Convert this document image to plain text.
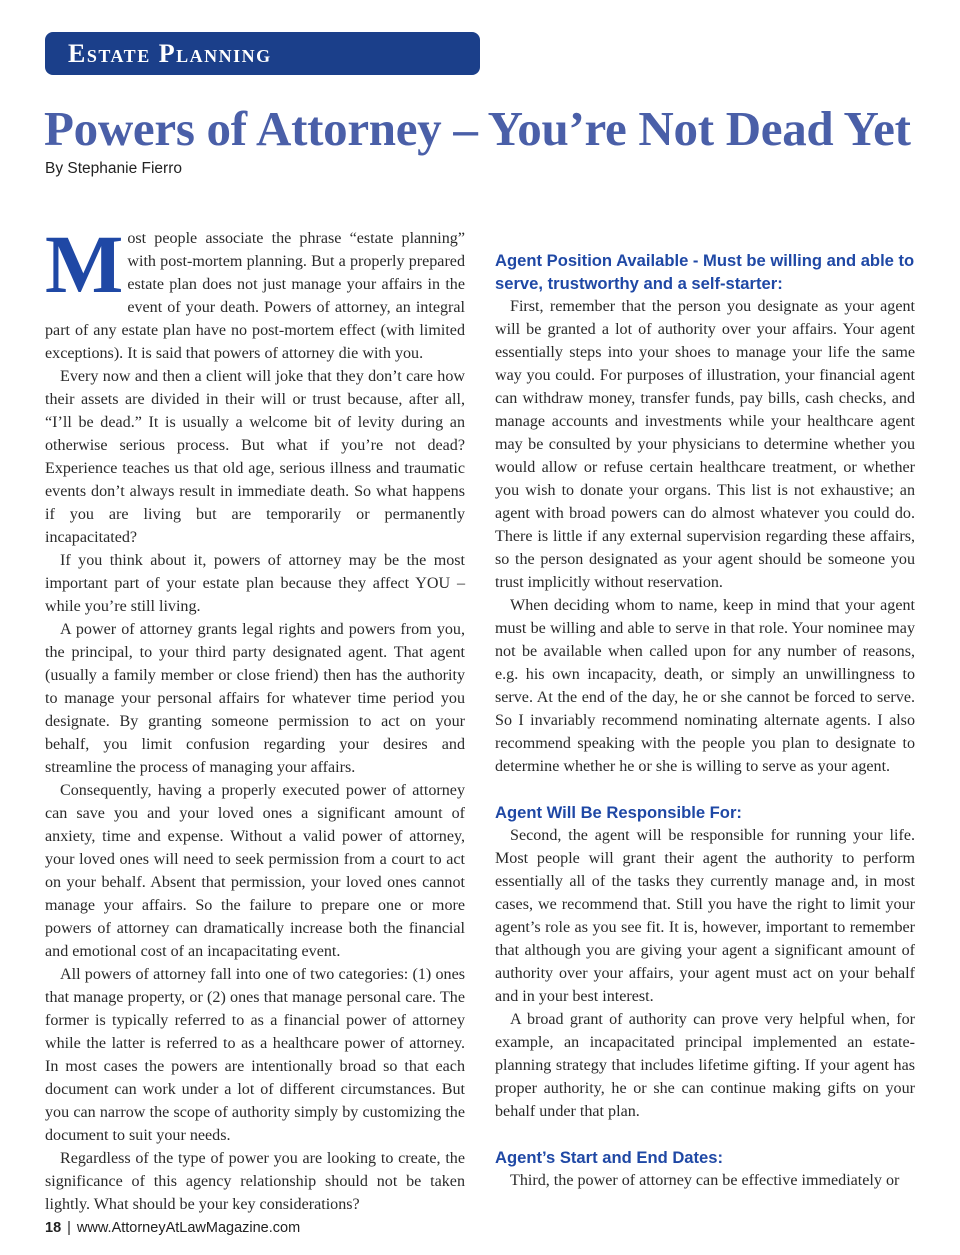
Estate Planning
Powers of Attorney – You’re Not Dead Yet
By Stephanie Fierro

Most people associate the phrase “estate planning” with post-mortem planning. But a properly prepared estate plan does not just manage your affairs in the event of your death. Powers of attorney, an integral part of any estate plan have no post-mortem effect (with limited exceptions). It is said that powers of attorney die with you.

Every now and then a client will joke that they don’t care how their assets are divided in their will or trust because, after all, “I’ll be dead.” It is usually a welcome bit of levity during an otherwise serious process. But what if you’re not dead? Experience teaches us that old age, serious illness and traumatic events don’t always result in immediate death. So what happens if you are living but are temporarily or permanently incapacitated?

If you think about it, powers of attorney may be the most important part of your estate plan because they affect YOU – while you’re still living.

A power of attorney grants legal rights and powers from you, the principal, to your third party designated agent. That agent (usually a family member or close friend) then has the authority to manage your personal affairs for whatever time period you designate. By granting someone permission to act on your behalf, you limit confusion regarding your desires and streamline the process of managing your affairs.

Consequently, having a properly executed power of attorney can save you and your loved ones a significant amount of anxiety, time and expense. Without a valid power of attorney, your loved ones will need to seek permission from a court to act on your behalf. Absent that permission, your loved ones cannot manage your affairs. So the failure to prepare one or more powers of attorney can dramatically increase both the financial and emotional cost of an incapacitating event.

All powers of attorney fall into one of two categories: (1) ones that manage property, or (2) ones that manage personal care. The former is typically referred to as a financial power of attorney while the latter is referred to as a healthcare power of attorney. In most cases the powers are intentionally broad so that each document can work under a lot of different circumstances. But you can narrow the scope of authority simply by customizing the document to suit your needs.

Regardless of the type of power you are looking to create, the significance of this agency relationship should not be taken lightly. What should be your key considerations?

Agent Position Available - Must be willing and able to serve, trustworthy and a self-starter:

First, remember that the person you designate as your agent will be granted a lot of authority over your affairs. Your agent essentially steps into your shoes to manage your life the same way you could. For purposes of illustration, your financial agent can withdraw money, transfer funds, pay bills, cash checks, and manage accounts and investments while your healthcare agent may be consulted by your physicians to determine whether you would allow or refuse certain healthcare treatment, or whether you wish to donate your organs. This list is not exhaustive; an agent with broad powers can do almost whatever you could do. There is little if any external supervision regarding these affairs, so the person designated as your agent should be someone you trust implicitly without reservation.

When deciding whom to name, keep in mind that your agent must be willing and able to serve in that role. Your nominee may not be available when called upon for any number of reasons, e.g. his own incapacity, death, or simply an unwillingness to serve. At the end of the day, he or she cannot be forced to serve. So I invariably recommend nominating alternate agents. I also recommend speaking with the people you plan to designate to determine whether he or she is willing to serve as your agent.

Agent Will Be Responsible For:

Second, the agent will be responsible for running your life. Most people will grant their agent the authority to perform essentially all of the tasks they currently manage and, in most cases, we recommend that. Still you have the right to limit your agent’s role as you see fit. It is, however, important to remember that although you are giving your agent a significant amount of authority over your affairs, your agent must act on your behalf and in your best interest.

A broad grant of authority can prove very helpful when, for example, an incapacitated principal implemented an estate-planning strategy that includes lifetime gifting. If your agent has proper authority, he or she can continue making gifts on your behalf under that plan.

Agent’s Start and End Dates:

Third, the power of attorney can be effective immediately or

18 | www.AttorneyAtLawMagazine.com
